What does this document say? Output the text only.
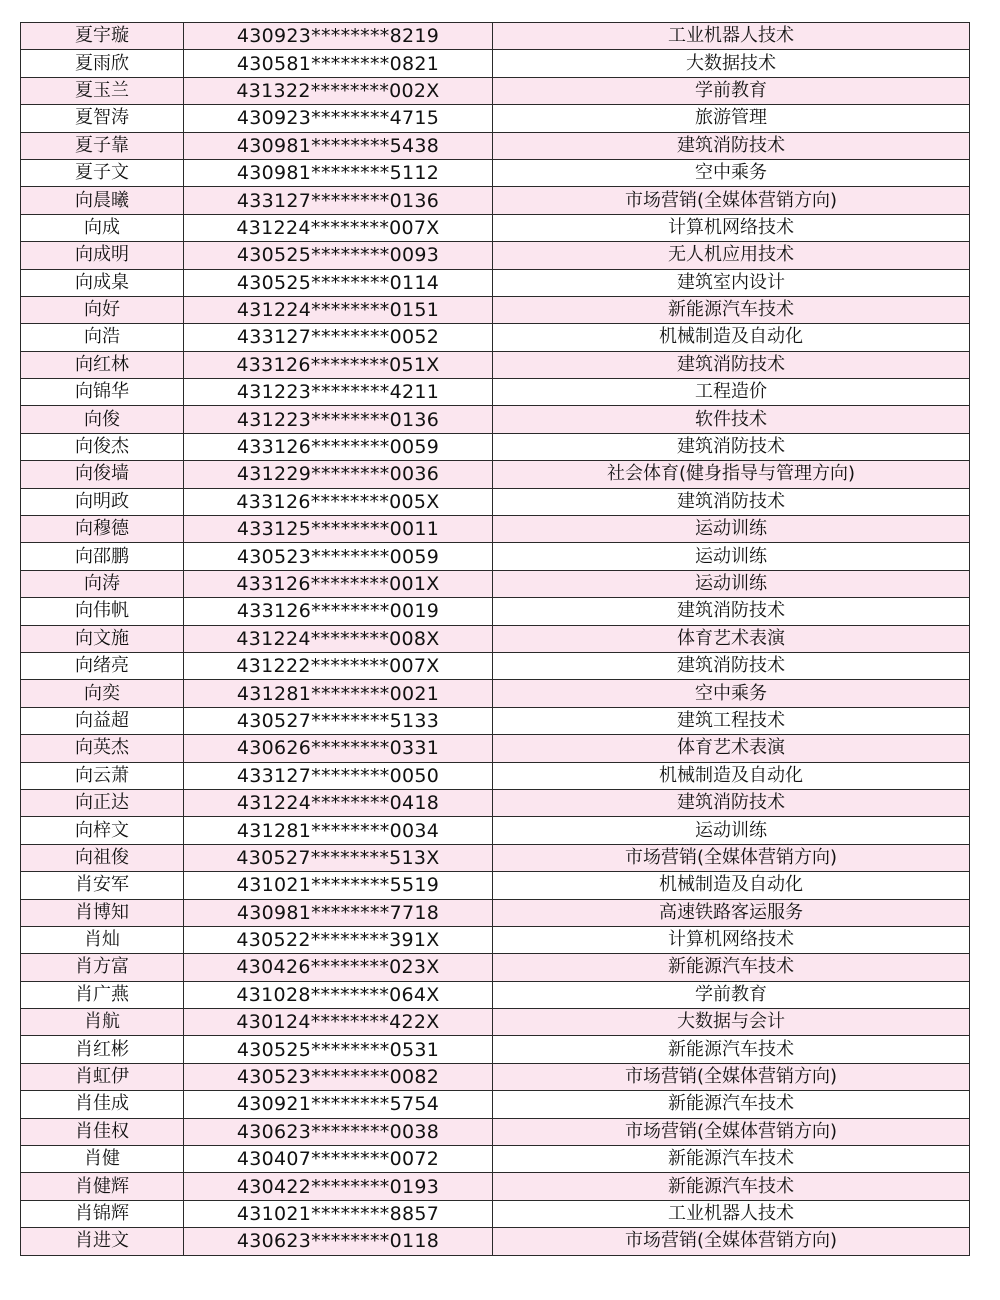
夏宇璇	430923********8219	工业机器人技术
夏雨欣	430581********0821	大数据技术
夏玉兰	431322********002X	学前教育
夏智涛	430923********4715	旅游管理
夏子靠	430981********5438	建筑消防技术
夏子文	430981********5112	空中乘务
向晨曦	433127********0136	市场营销(全媒体营销方向)
向成	431224********007X	计算机网络技术
向成明	430525********0093	无人机应用技术
向成臬	430525********0114	建筑室内设计
向好	431224********0151	新能源汽车技术
向浩	433127********0052	机械制造及自动化
向红林	433126********051X	建筑消防技术
向锦华	431223********4211	工程造价
向俊	431223********0136	软件技术
向俊杰	433126********0059	建筑消防技术
向俊墙	431229********0036	社会体育(健身指导与管理方向)
向明政	433126********005X	建筑消防技术
向穆德	433125********0011	运动训练
向邵鹏	430523********0059	运动训练
向涛	433126********001X	运动训练
向伟帆	433126********0019	建筑消防技术
向文施	431224********008X	体育艺术表演
向绪亮	431222********007X	建筑消防技术
向奕	431281********0021	空中乘务
向益超	430527********5133	建筑工程技术
向英杰	430626********0331	体育艺术表演
向云萧	433127********0050	机械制造及自动化
向正达	431224********0418	建筑消防技术
向梓文	431281********0034	运动训练
向祖俊	430527********513X	市场营销(全媒体营销方向)
肖安军	431021********5519	机械制造及自动化
肖博知	430981********7718	高速铁路客运服务
肖灿	430522********391X	计算机网络技术
肖方富	430426********023X	新能源汽车技术
肖广燕	431028********064X	学前教育
肖航	430124********422X	大数据与会计
肖红彬	430525********0531	新能源汽车技术
肖虹伊	430523********0082	市场营销(全媒体营销方向)
肖佳成	430921********5754	新能源汽车技术
肖佳权	430623********0038	市场营销(全媒体营销方向)
肖健	430407********0072	新能源汽车技术
肖健辉	430422********0193	新能源汽车技术
肖锦辉	431021********8857	工业机器人技术
肖进文	430623********0118	市场营销(全媒体营销方向)
